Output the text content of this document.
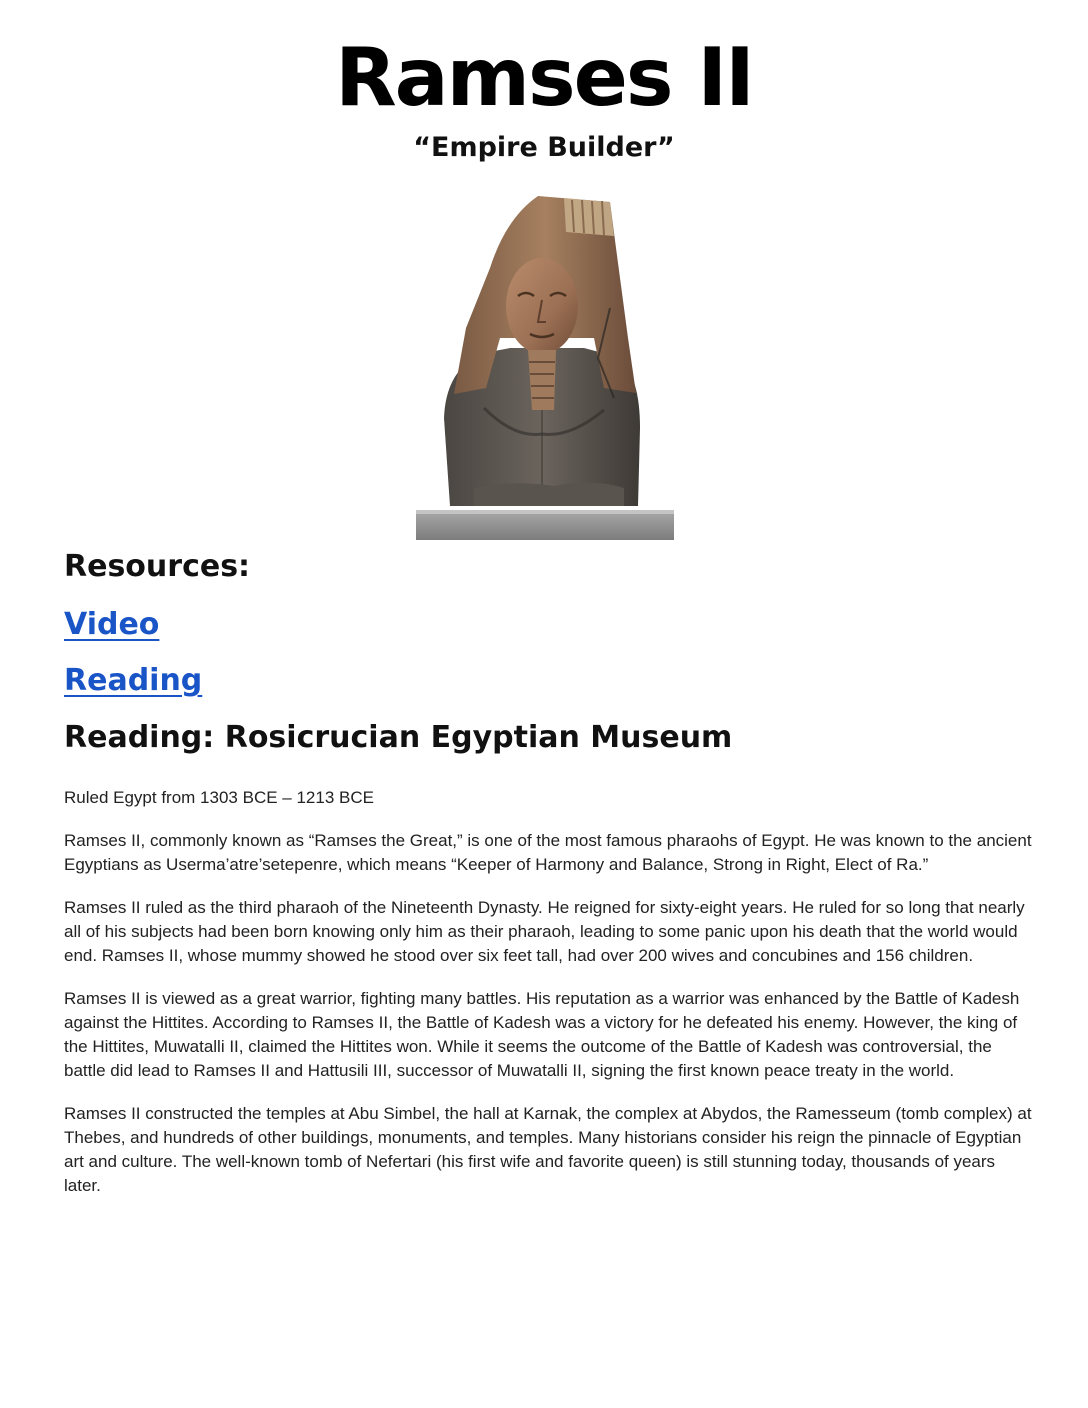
Ramses II
“Empire Builder”
Resources:
Video
Reading
Reading: Rosicrucian Egyptian Museum

Ruled Egypt from 1303 BCE – 1213 BCE

Ramses II, commonly known as “Ramses the Great,” is one of the most famous pharaohs of Egypt. He was known to the ancient Egyptians as Userma’atre’setepenre, which means “Keeper of Harmony and Balance, Strong in Right, Elect of Ra.”

Ramses II ruled as the third pharaoh of the Nineteenth Dynasty. He reigned for sixty-eight years. He ruled for so long that nearly all of his subjects had been born knowing only him as their pharaoh, leading to some panic upon his death that the world would end. Ramses II, whose mummy showed he stood over six feet tall, had over 200 wives and concubines and 156 children.

Ramses II is viewed as a great warrior, fighting many battles. His reputation as a warrior was enhanced by the Battle of Kadesh against the Hittites. According to Ramses II, the Battle of Kadesh was a victory for he defeated his enemy. However, the king of the Hittites, Muwatalli II, claimed the Hittites won. While it seems the outcome of the Battle of Kadesh was controversial, the battle did lead to Ramses II and Hattusili III, successor of Muwatalli II, signing the first known peace treaty in the world.

Ramses II constructed the temples at Abu Simbel, the hall at Karnak, the complex at Abydos, the Ramesseum (tomb complex) at Thebes, and hundreds of other buildings, monuments, and temples. Many historians consider his reign the pinnacle of Egyptian art and culture. The well-known tomb of Nefertari (his first wife and favorite queen) is still stunning today, thousands of years later.
